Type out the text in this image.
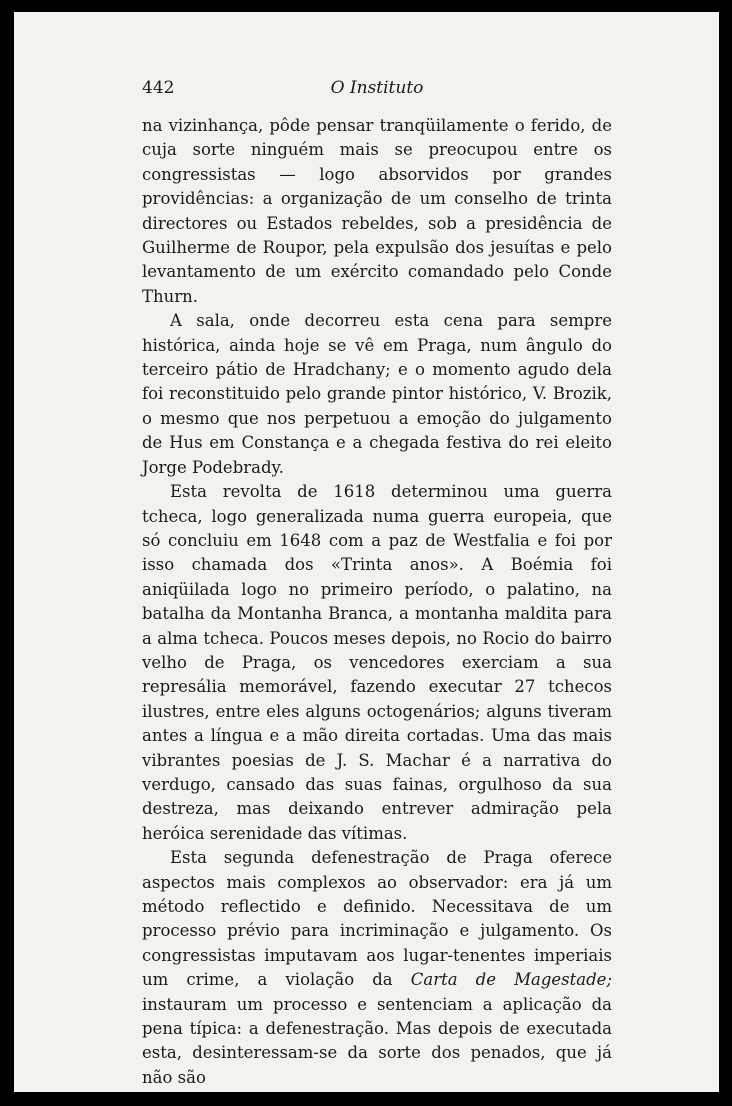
442	O Instituto

na vizinhança, pôde pensar tranqüilamente o ferido, de cuja sorte ninguém mais se preocupou entre os congressistas — logo absorvidos por grandes providências: a organização de um conselho de trinta directores ou Estados rebeldes, sob a presidência de Guilherme de Roupor, pela expulsão dos jesuítas e pelo levantamento de um exército comandado pelo Conde Thurn.

A sala, onde decorreu esta cena para sempre histórica, ainda hoje se vê em Praga, num ângulo do terceiro pátio de Hradchany; e o momento agudo dela foi reconstituido pelo grande pintor histórico, V. Brozik, o mesmo que nos perpetuou a emoção do julgamento de Hus em Constança e a chegada festiva do rei eleito Jorge Podebrady.

Esta revolta de 1618 determinou uma guerra tcheca, logo generalizada numa guerra europeia, que só concluiu em 1648 com a paz de Westfalia e foi por isso chamada dos «Trinta anos». A Boémia foi aniqüilada logo no primeiro período, o palatino, na batalha da Montanha Branca, a montanha maldita para a alma tcheca. Poucos meses depois, no Rocio do bairro velho de Praga, os vencedores exerciam a sua represália memorável, fazendo executar 27 tchecos ilustres, entre eles alguns octogenários; alguns tiveram antes a língua e a mão direita cortadas. Uma das mais vibrantes poesias de J. S. Machar é a narrativa do verdugo, cansado das suas fainas, orgulhoso da sua destreza, mas deixando entrever admiração pela heróica serenidade das vítimas.

Esta segunda defenestração de Praga oferece aspectos mais complexos ao observador: era já um método reflectido e definido. Necessitava de um processo prévio para incriminação e julgamento. Os congressistas imputavam aos lugar-tenentes imperiais um crime, a violação da Carta de Magestade; instauram um processo e sentenciam a aplicação da pena típica: a defenestração. Mas depois de executada esta, desinteressam-se da sorte dos penados, que já não são
